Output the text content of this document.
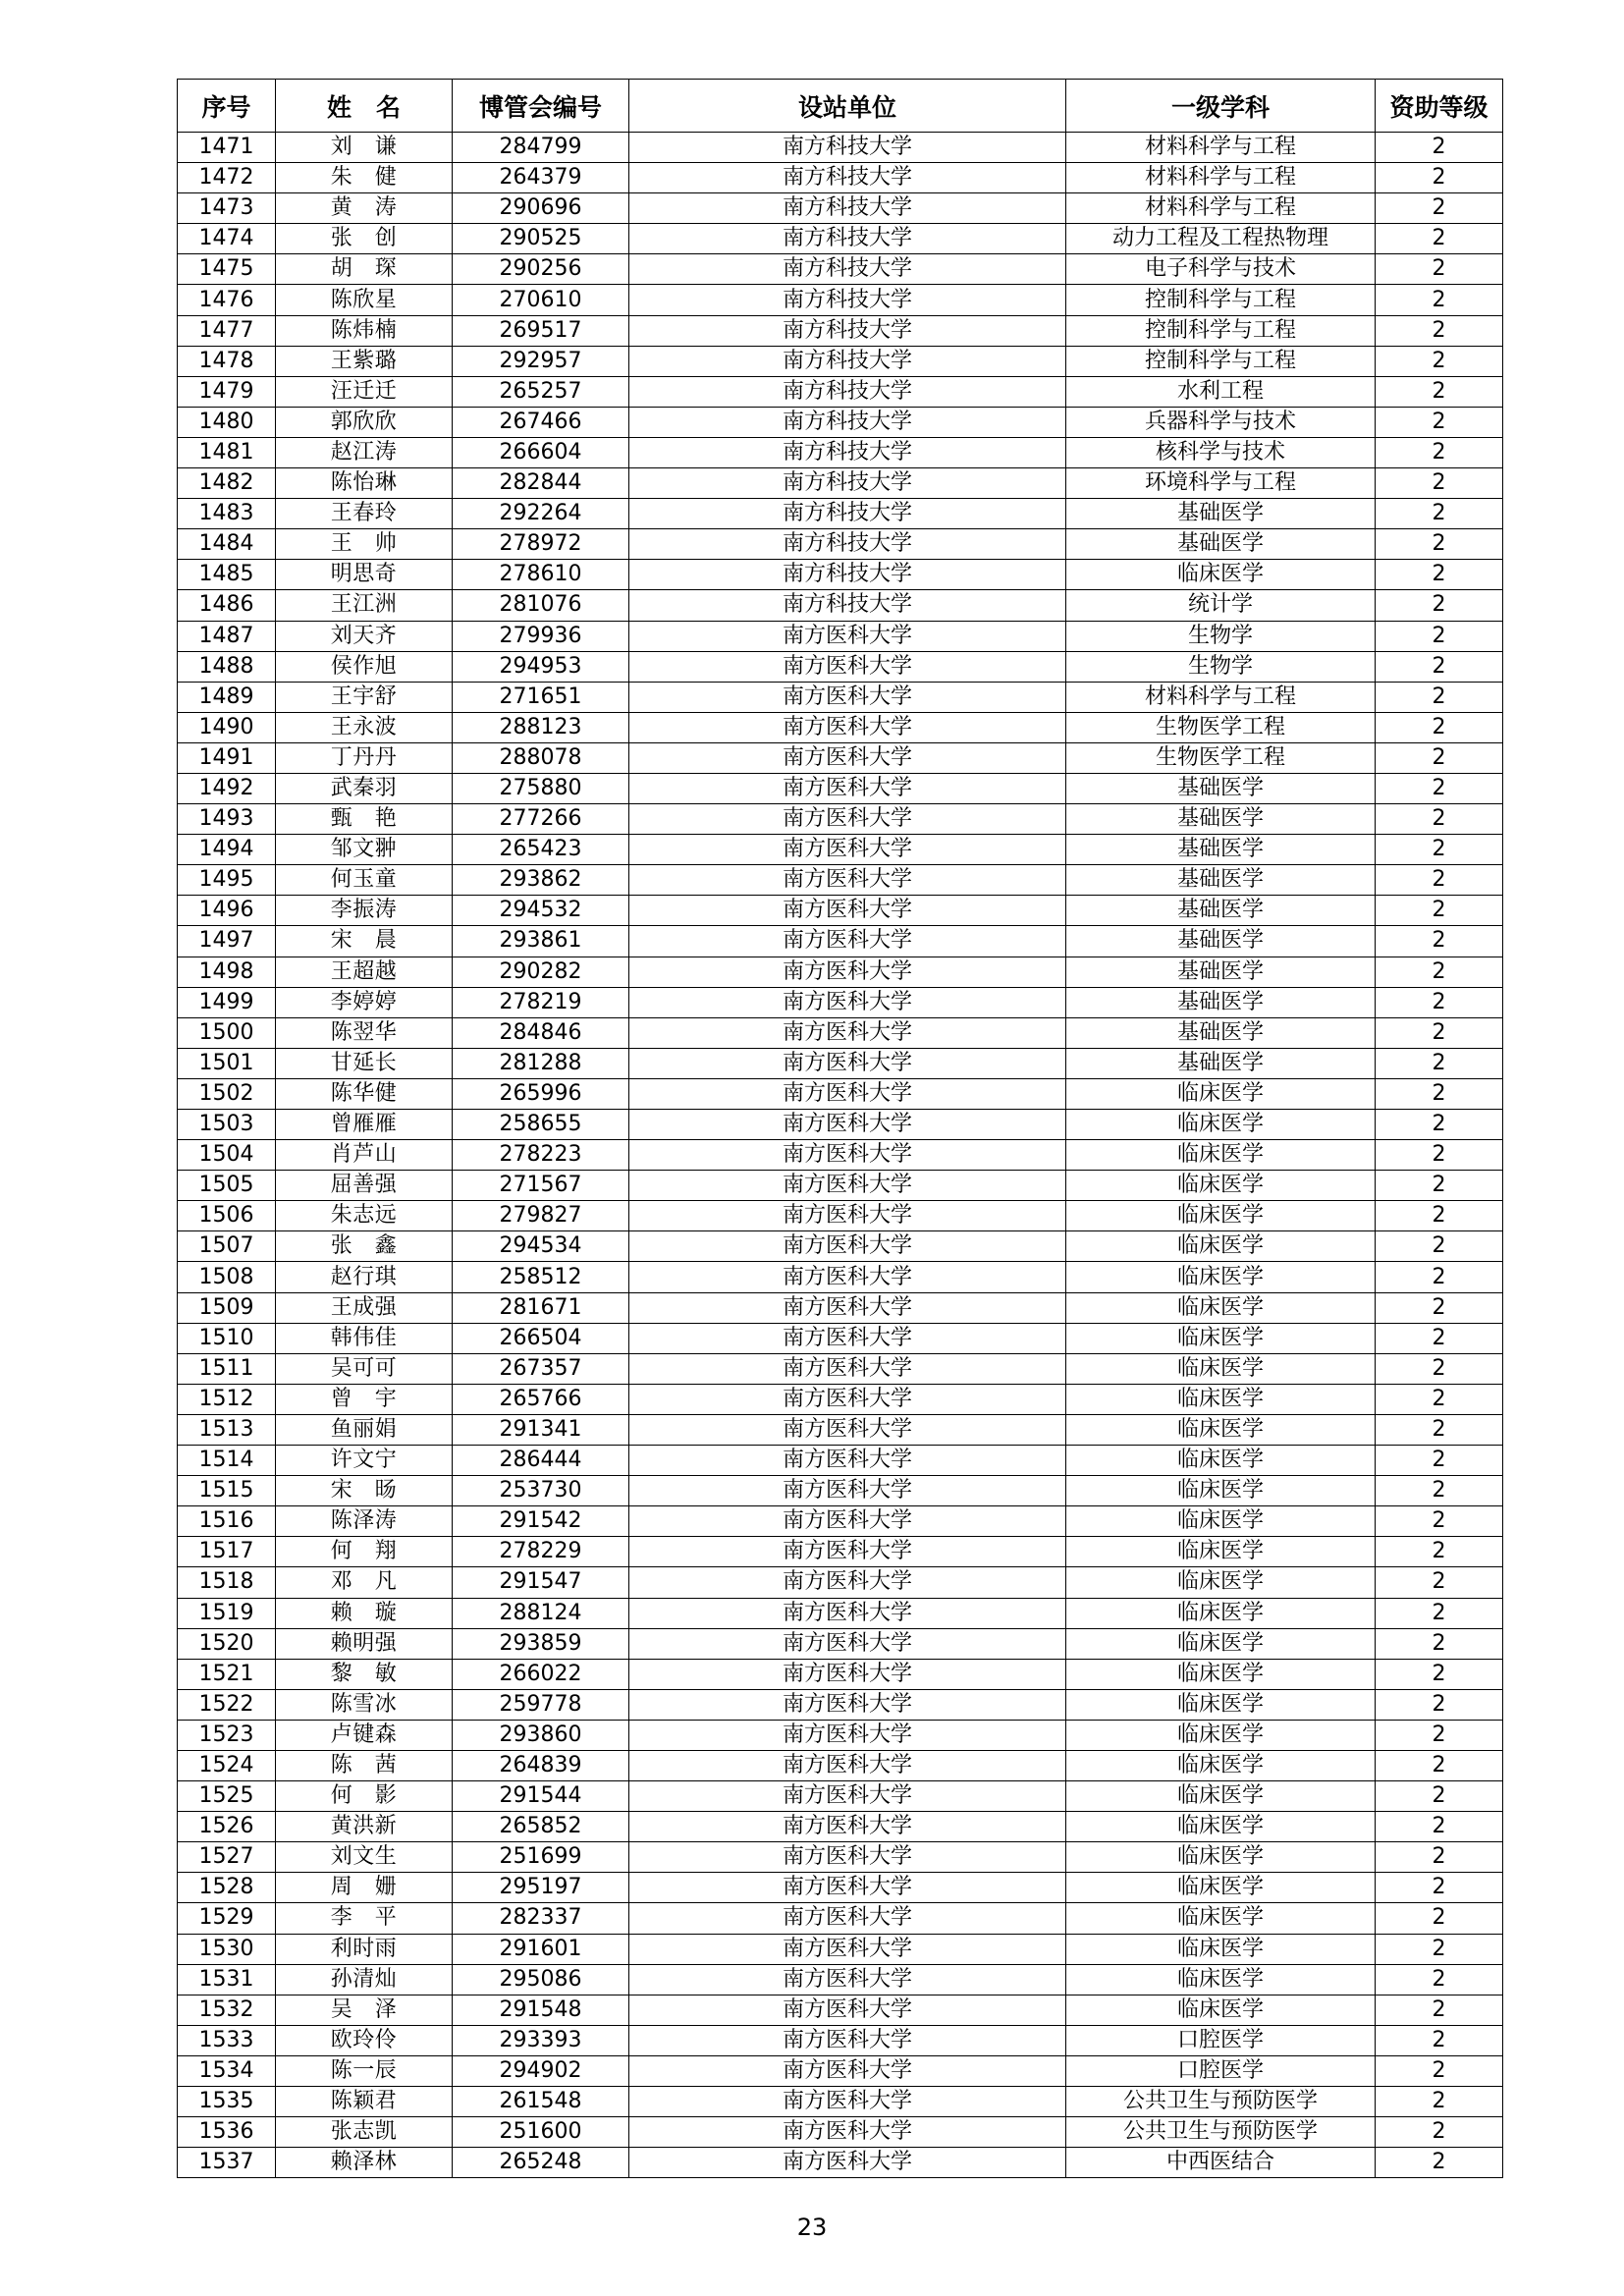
序号	姓　名	博管会编号	设站单位	一级学科	资助等级
1471	刘　谦	284799	南方科技大学	材料科学与工程	2
1472	朱　健	264379	南方科技大学	材料科学与工程	2
1473	黄　涛	290696	南方科技大学	材料科学与工程	2
1474	张　创	290525	南方科技大学	动力工程及工程热物理	2
1475	胡　琛	290256	南方科技大学	电子科学与技术	2
1476	陈欣星	270610	南方科技大学	控制科学与工程	2
1477	陈炜楠	269517	南方科技大学	控制科学与工程	2
1478	王紫璐	292957	南方科技大学	控制科学与工程	2
1479	汪迁迁	265257	南方科技大学	水利工程	2
1480	郭欣欣	267466	南方科技大学	兵器科学与技术	2
1481	赵江涛	266604	南方科技大学	核科学与技术	2
1482	陈怡琳	282844	南方科技大学	环境科学与工程	2
1483	王春玲	292264	南方科技大学	基础医学	2
1484	王　帅	278972	南方科技大学	基础医学	2
1485	明思奇	278610	南方科技大学	临床医学	2
1486	王江洲	281076	南方科技大学	统计学	2
1487	刘天齐	279936	南方医科大学	生物学	2
1488	侯作旭	294953	南方医科大学	生物学	2
1489	王宇舒	271651	南方医科大学	材料科学与工程	2
1490	王永波	288123	南方医科大学	生物医学工程	2
1491	丁丹丹	288078	南方医科大学	生物医学工程	2
1492	武秦羽	275880	南方医科大学	基础医学	2
1493	甄　艳	277266	南方医科大学	基础医学	2
1494	邹文翀	265423	南方医科大学	基础医学	2
1495	何玉童	293862	南方医科大学	基础医学	2
1496	李振涛	294532	南方医科大学	基础医学	2
1497	宋　晨	293861	南方医科大学	基础医学	2
1498	王超越	290282	南方医科大学	基础医学	2
1499	李婷婷	278219	南方医科大学	基础医学	2
1500	陈翌华	284846	南方医科大学	基础医学	2
1501	甘延长	281288	南方医科大学	基础医学	2
1502	陈华健	265996	南方医科大学	临床医学	2
1503	曾雁雁	258655	南方医科大学	临床医学	2
1504	肖芦山	278223	南方医科大学	临床医学	2
1505	屈善强	271567	南方医科大学	临床医学	2
1506	朱志远	279827	南方医科大学	临床医学	2
1507	张　鑫	294534	南方医科大学	临床医学	2
1508	赵行琪	258512	南方医科大学	临床医学	2
1509	王成强	281671	南方医科大学	临床医学	2
1510	韩伟佳	266504	南方医科大学	临床医学	2
1511	吴可可	267357	南方医科大学	临床医学	2
1512	曾　宇	265766	南方医科大学	临床医学	2
1513	鱼丽娟	291341	南方医科大学	临床医学	2
1514	许文宁	286444	南方医科大学	临床医学	2
1515	宋　旸	253730	南方医科大学	临床医学	2
1516	陈泽涛	291542	南方医科大学	临床医学	2
1517	何　翔	278229	南方医科大学	临床医学	2
1518	邓　凡	291547	南方医科大学	临床医学	2
1519	赖　璇	288124	南方医科大学	临床医学	2
1520	赖明强	293859	南方医科大学	临床医学	2
1521	黎　敏	266022	南方医科大学	临床医学	2
1522	陈雪冰	259778	南方医科大学	临床医学	2
1523	卢键森	293860	南方医科大学	临床医学	2
1524	陈　茜	264839	南方医科大学	临床医学	2
1525	何　影	291544	南方医科大学	临床医学	2
1526	黄洪新	265852	南方医科大学	临床医学	2
1527	刘文生	251699	南方医科大学	临床医学	2
1528	周　姗	295197	南方医科大学	临床医学	2
1529	李　平	282337	南方医科大学	临床医学	2
1530	利时雨	291601	南方医科大学	临床医学	2
1531	孙清灿	295086	南方医科大学	临床医学	2
1532	吴　泽	291548	南方医科大学	临床医学	2
1533	欧玲伶	293393	南方医科大学	口腔医学	2
1534	陈一辰	294902	南方医科大学	口腔医学	2
1535	陈颖君	261548	南方医科大学	公共卫生与预防医学	2
1536	张志凯	251600	南方医科大学	公共卫生与预防医学	2
1537	赖泽林	265248	南方医科大学	中西医结合	2
23
